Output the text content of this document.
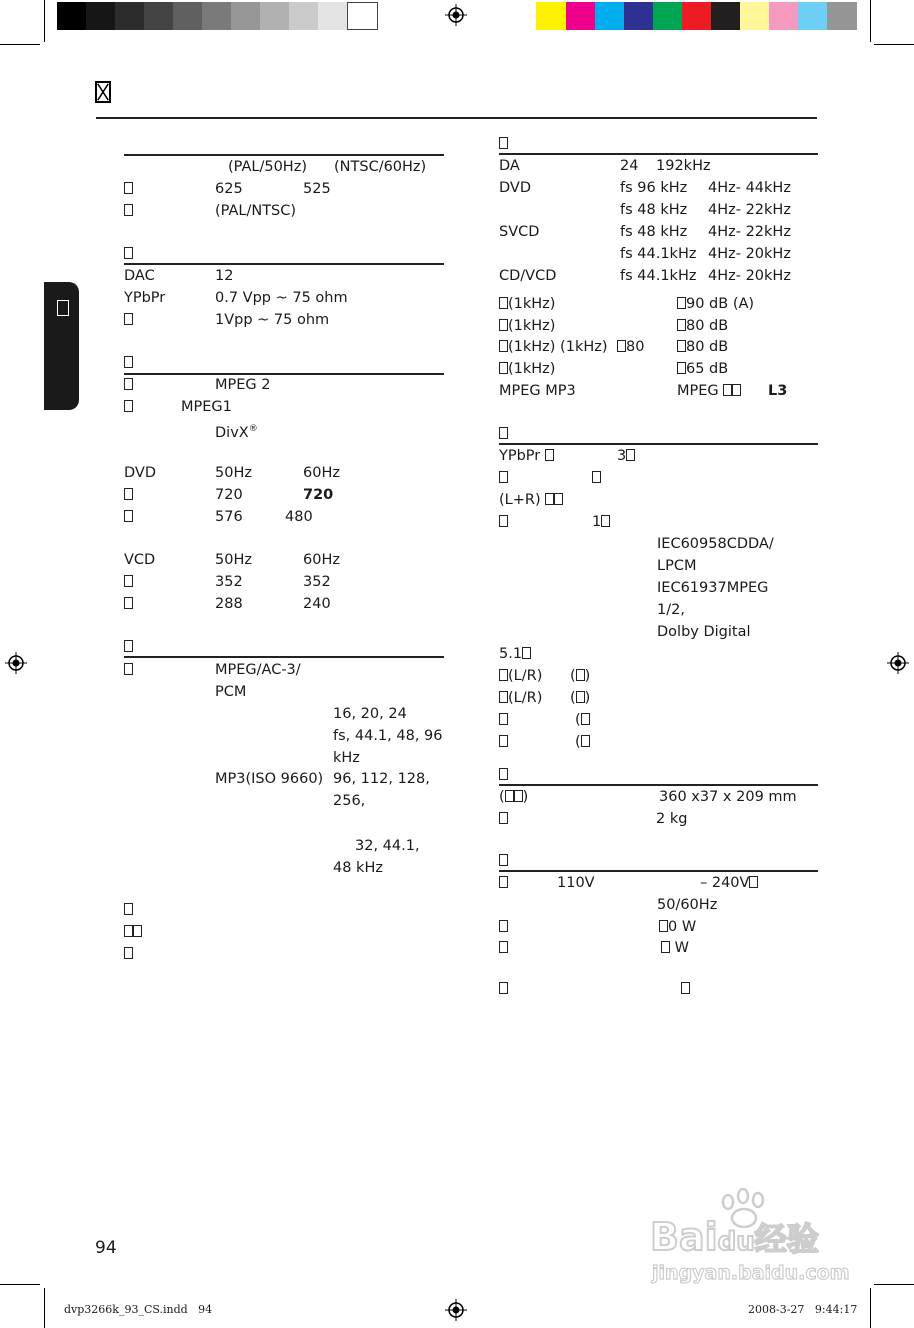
(PAL/50Hz) (NTSC/60Hz)
625	525
(PAL/NTSC)
DAC	12
YPbPr	0.7 Vpp ~ 75 ohm
1Vpp ~ 75 ohm
MPEG 2
MPEG1
DivX®
DVD	50Hz	60Hz
720	720
576	480
VCD	50Hz	60Hz
352	352
288	240
MPEG/AC-3/
PCM
16, 20, 24
fs, 44.1, 48, 96
kHz
MP3(ISO 9660) 96, 112, 128,
256,
32, 44.1,
48 kHz
DA	24 192kHz
DVD	fs 96 kHz 4Hz- 44kHz
fs 48 kHz 4Hz- 22kHz
SVCD	fs 48 kHz 4Hz- 22kHz
fs 44.1kHz 4Hz- 20kHz
CD/VCD	fs 44.1kHz 4Hz- 20kHz
(1kHz)	90 dB (A)
(1kHz)	80 dB
(1kHz) (1kHz)	80	80 dB
(1kHz)	65 dB
MPEG MP3	MPEG	L3
YPbPr	3
(L+R)
1
IEC60958CDDA/
LPCM
IEC61937MPEG
1/2,
Dolby Digital
5.1
(L/R) ( )
(L/R) ( )
(
(
( )	360 x37 x 209 mm
2 kg
110V	– 240V
50/60Hz
0 W
W
94
dvp3266k_93_CS.indd   94	2008-3-27   9:44:17
Baidu经验
jingyan.baidu.com
